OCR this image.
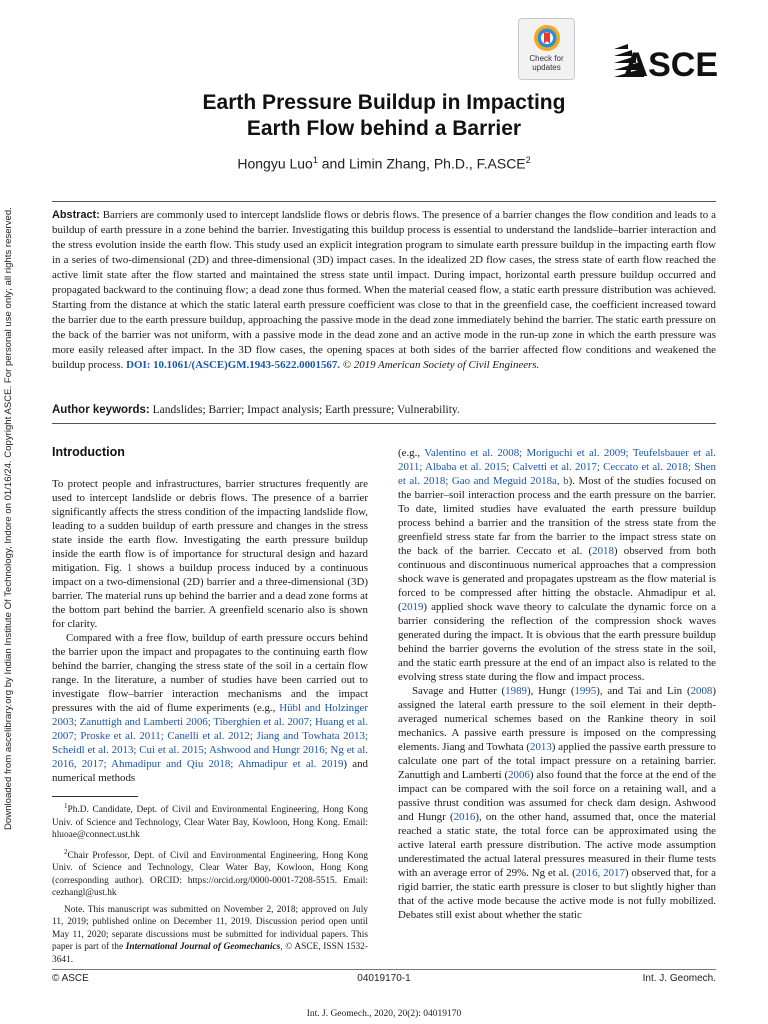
Downloaded from ascelibrary.org by Indian Institute Of Technology, Indore on 01/16/24. Copyright ASCE. For personal use only; all rights reserved.
Check for
updates	ASCE
Earth Pressure Buildup in Impacting
Earth Flow behind a Barrier
Hongyu Luo$^1$ and Limin Zhang, Ph.D., F.ASCE$^2$
Abstract: Barriers are commonly used to intercept landslide flows or debris flows. The presence of a barrier changes the flow condition and leads to a buildup of earth pressure in a zone behind the barrier. Investigating this buildup process is essential to understand the landslide–barrier interaction and the stress evolution inside the earth flow. This study used an explicit integration program to simulate earth pressure buildup in the impacting earth flow in a series of two-dimensional (2D) and three-dimensional (3D) impact cases. In the idealized 2D flow cases, the stress state of earth flow reached the active limit state after the flow started and maintained the stress state until impact. During impact, horizontal earth pressure buildup occurred and propagated backward to the continuing flow; a dead zone thus formed. When the material ceased flow, a static earth pressure distribution was achieved. Starting from the distance at which the static lateral earth pressure coefficient was close to that in the greenfield case, the coefficient increased toward the barrier due to the earth pressure buildup, approaching the passive mode in the dead zone immediately behind the barrier. The static earth pressure on the back of the barrier was not uniform, with a passive mode in the dead zone and an active mode in the run-up zone in which the earth pressure was more easily released after impact. In the 3D flow cases, the opening spaces at both sides of the barrier affected flow conditions and weakened the buildup process. DOI: 10.1061/(ASCE)GM.1943-5622.0001567. © 2019 American Society of Civil Engineers.
Author keywords: Landslides; Barrier; Impact analysis; Earth pressure; Vulnerability.
Introduction

To protect people and infrastructures, barrier structures frequently are used to intercept landslide or debris flows. The presence of a barrier significantly affects the stress condition of the impacting landslide flow, leading to a sudden buildup of earth pressure and changes in the stress state inside the earth flow. Investigating the earth pressure buildup inside the earth flow is of importance for structural design and hazard mitigation. Fig. 1 shows a buildup process induced by a continuous impact on a two-dimensional (2D) barrier and a three-dimensional (3D) barrier. The material runs up behind the barrier and a dead zone forms at the bottom part behind the barrier. A greenfield scenario also is shown for clarity.

Compared with a free flow, buildup of earth pressure occurs behind the barrier upon the impact and propagates to the continuing earth flow behind the barrier, changing the stress state of the soil in a certain flow range. In the literature, a number of studies have been carried out to investigate flow–barrier interaction mechanisms and the impact pressures with the aid of flume experiments (e.g., Hübl and Holzinger 2003; Zanuttigh and Lamberti 2006; Tiberghien et al. 2007; Huang et al. 2007; Proske et al. 2011; Canelli et al. 2012; Jiang and Towhata 2013; Scheidl et al. 2013; Cui et al. 2015; Ashwood and Hungr 2016; Ng et al. 2016, 2017; Ahmadipur and Qiu 2018; Ahmadipur et al. 2019) and numerical methods

$^1$Ph.D. Candidate, Dept. of Civil and Environmental Engineering, Hong Kong Univ. of Science and Technology, Clear Water Bay, Kowloon, Hong Kong. Email: hluoae@connect.ust.hk

$^2$Chair Professor, Dept. of Civil and Environmental Engineering, Hong Kong Univ. of Science and Technology, Clear Water Bay, Kowloon, Hong Kong (corresponding author). ORCID: https://orcid.org/0000-0001-7208-5515. Email: cezhangl@ust.hk

Note. This manuscript was submitted on November 2, 2018; approved on July 11, 2019; published online on December 11, 2019. Discussion period open until May 11, 2020; separate discussions must be submitted for individual papers. This paper is part of the International Journal of Geomechanics, © ASCE, ISSN 1532-3641.

(e.g., Valentino et al. 2008; Moriguchi et al. 2009; Teufelsbauer et al. 2011; Albaba et al. 2015; Calvetti et al. 2017; Ceccato et al. 2018; Shen et al. 2018; Gao and Meguid 2018a, b). Most of the studies focused on the barrier–soil interaction process and the earth pressure on the barrier. To date, limited studies have evaluated the earth pressure buildup process behind a barrier and the transition of the stress state from the greenfield stress state far from the barrier to the impact stress state on the back of the barrier. Ceccato et al. (2018) observed from both continuous and discontinuous numerical approaches that a compression shock wave is generated and propagates upstream as the flow material is forced to be compressed after hitting the obstacle. Ahmadipur et al. (2019) applied shock wave theory to calculate the dynamic force on a barrier considering the reflection of the compression shock waves generated during the impact. It is obvious that the earth pressure buildup behind the barrier governs the evolution of the stress state in the soil, and the static earth pressure at the end of an impact also is related to the evolving stress state during the flow and impact process.

Savage and Hutter (1989), Hungr (1995), and Tai and Lin (2008) assigned the lateral earth pressure to the soil element in their depth-averaged numerical schemes based on the Rankine theory in soil mechanics. A passive earth pressure is imposed on the compressing elements. Jiang and Towhata (2013) applied the passive earth pressure to calculate one part of the total impact pressure on a retaining barrier. Zanuttigh and Lamberti (2006) also found that the force at the end of the impact can be compared with the soil force on a retaining wall, and a passive thrust condition was assumed for check dam design. Ashwood and Hungr (2016), on the other hand, assumed that, once the material reached a static state, the total force can be approximated using the active lateral earth pressure distribution. The active mode assumption underestimated the actual lateral pressures measured in their flume tests with an average error of 29%. Ng et al. (2016, 2017) observed that, for a rigid barrier, the static earth pressure is closer to but slightly higher than that of the active mode because the active mode is not fully mobilized. Debates still exist about whether the static

© ASCE	04019170-1	Int. J. Geomech.
Int. J. Geomech., 2020, 20(2): 04019170
